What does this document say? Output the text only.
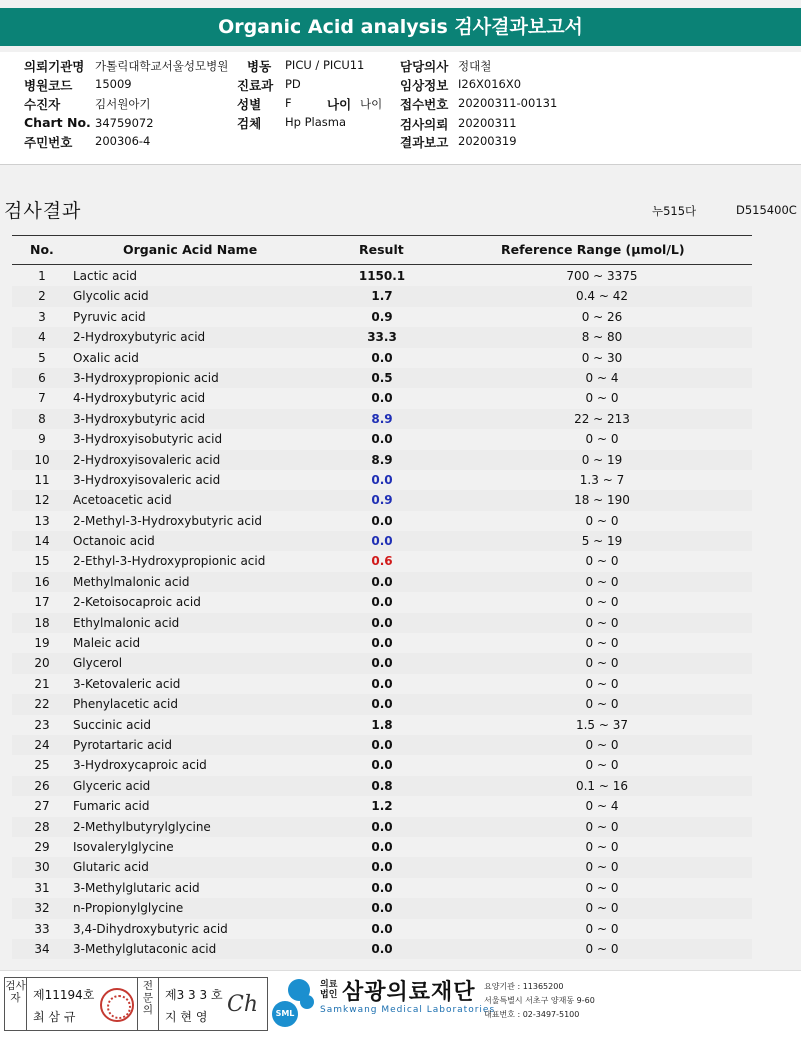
Organic Acid analysis 검사결과보고서
의뢰기관명 가톨릭대학교서울성모병원 병동 PICU / PICU11	담당의사 정대철
병원코드 15009	진료과 PD	임상정보 I26X016X0
수진자	김서원아기	성별 F	나이 나이 접수번호 20200311-00131
Chart No. 34759072	검체 Hp Plasma	검사의뢰 20200311
주민번호 200306-4	결과보고 20200319
검사결과	누515다	D515400C
No.	Organic Acid Name	Result	Reference Range (μmol/L)
1	Lactic acid	1150.1	700 ~ 3375
2	Glycolic acid	1.7	0.4 ~ 42
3	Pyruvic acid	0.9	0 ~ 26
4	2-Hydroxybutyric acid	33.3	8 ~ 80
5	Oxalic acid	0.0	0 ~ 30
6	3-Hydroxypropionic acid	0.5	0 ~ 4
7	4-Hydroxybutyric acid	0.0	0 ~ 0
8	3-Hydroxybutyric acid	8.9	22 ~ 213
9	3-Hydroxyisobutyric acid	0.0	0 ~ 0
10	2-Hydroxyisovaleric acid	8.9	0 ~ 19
11	3-Hydroxyisovaleric acid	0.0	1.3 ~ 7
12	Acetoacetic acid	0.9	18 ~ 190
13	2-Methyl-3-Hydroxybutyric acid	0.0	0 ~ 0
14	Octanoic acid	0.0	5 ~ 19
15	2-Ethyl-3-Hydroxypropionic acid	0.6	0 ~ 0
16	Methylmalonic acid	0.0	0 ~ 0
17	2-Ketoisocaproic acid	0.0	0 ~ 0
18	Ethylmalonic acid	0.0	0 ~ 0
19	Maleic acid	0.0	0 ~ 0
20	Glycerol	0.0	0 ~ 0
21	3-Ketovaleric acid	0.0	0 ~ 0
22	Phenylacetic acid	0.0	0 ~ 0
23	Succinic acid	1.8	1.5 ~ 37
24	Pyrotartaric acid	0.0	0 ~ 0
25	3-Hydroxycaproic acid	0.0	0 ~ 0
26	Glyceric acid	0.8	0.1 ~ 16
27	Fumaric acid	1.2	0 ~ 4
28	2-Methylbutyrylglycine	0.0	0 ~ 0
29	Isovalerylglycine	0.0	0 ~ 0
30	Glutaric acid	0.0	0 ~ 0
31	3-Methylglutaric acid	0.0	0 ~ 0
32	n-Propionylglycine	0.0	0 ~ 0
33	3,4-Dihydroxybutyric acid	0.0	0 ~ 0
34	3-Methylglutaconic acid	0.0	0 ~ 0
검사자	제11194호
최 삼 규
전문의
제3 3 3 호
지 현 영 Ch	SML
의료
법인 삼광의료재단
Samkwang Medical Laboratories
요양기관 : 11365200
서울특별시 서초구 양재동 9-60
대표번호 : 02-3497-5100
